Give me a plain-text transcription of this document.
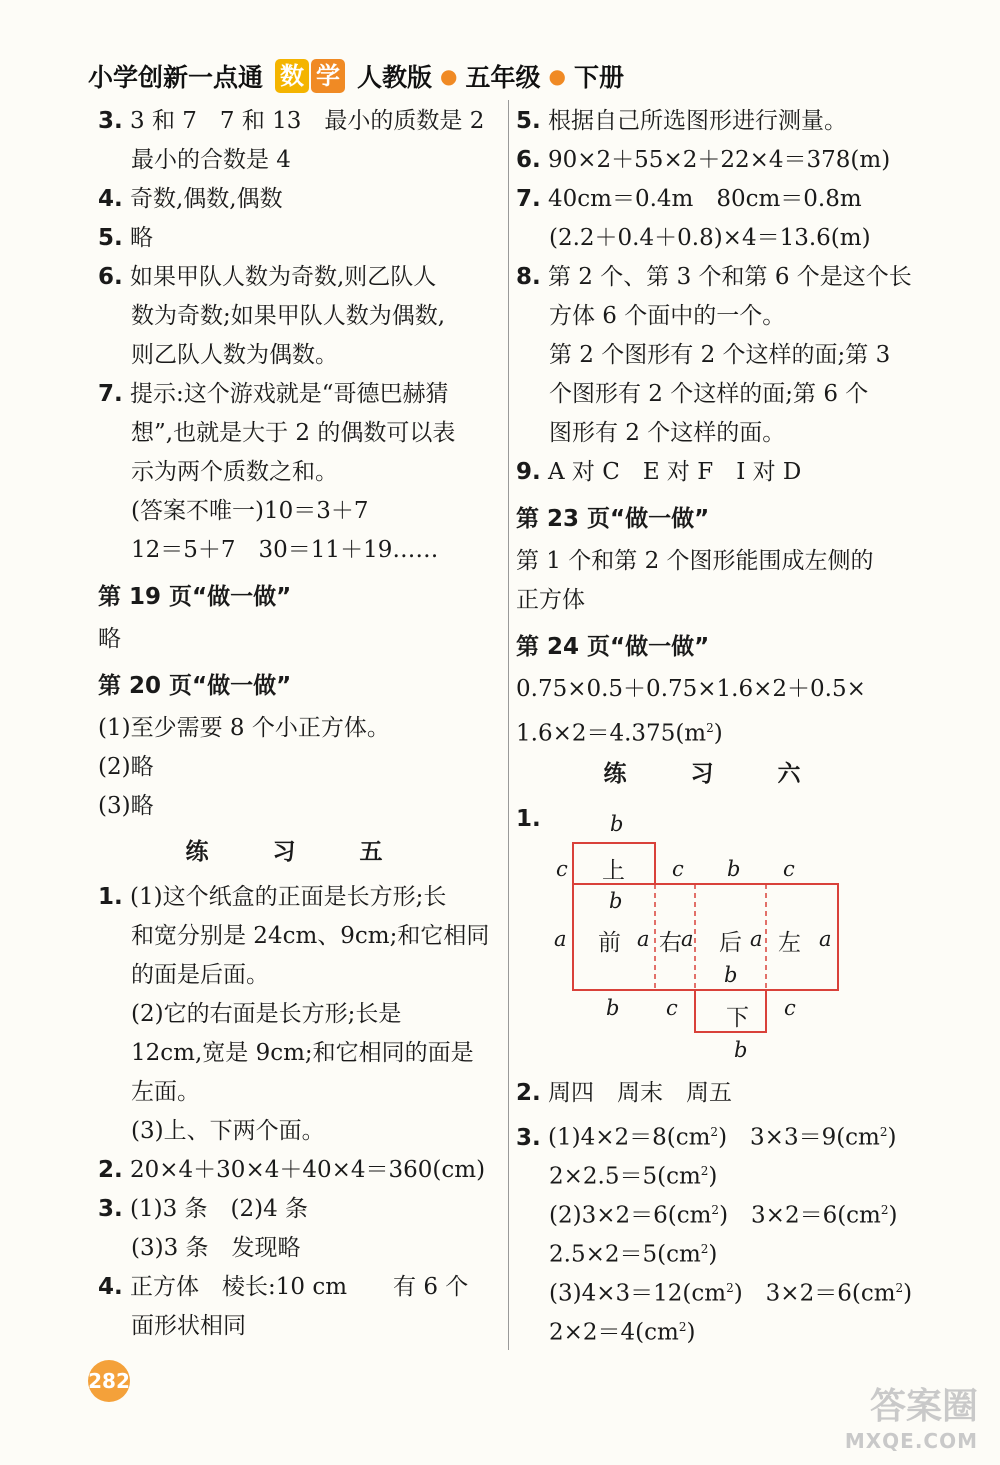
小学创新一点通 数 学 人教版 ● 五年级 ● 下册
3. 3 和 7　7 和 13　最小的质数是 2
最小的合数是 4
4. 奇数,偶数,偶数
5. 略
6. 如果甲队人数为奇数,则乙队人
数为奇数;如果甲队人数为偶数,
则乙队人数为偶数。
7. 提示:这个游戏就是“哥德巴赫猜
想”,也就是大于 2 的偶数可以表
示为两个质数之和。
(答案不唯一)10＝3＋7
12＝5＋7　30＝11＋19……
第 19 页“做一做”
略
第 20 页“做一做”
(1)至少需要 8 个小正方体。
(2)略
(3)略
练 习 五
1. (1)这个纸盒的正面是长方形;长
和宽分别是 24cm、9cm;和它相同
的面是后面。
(2)它的右面是长方形;长是
12cm,宽是 9cm;和它相同的面是
左面。
(3)上、下两个面。
2. 20×4＋30×4＋40×4＝360(cm)
3. (1)3 条　(2)4 条
(3)3 条　发现略
4. 正方体　棱长:10 cm　　有 6 个
面形状相同
5. 根据自己所选图形进行测量。
6. 90×2＋55×2＋22×4＝378(m)
7. 40cm＝0.4m　80cm＝0.8m
(2.2＋0.4＋0.8)×4＝13.6(m)
8. 第 2 个、第 3 个和第 6 个是这个长
方体 6 个面中的一个。
第 2 个图形有 2 个这样的面;第 3
个图形有 2 个这样的面;第 6 个
图形有 2 个这样的面。
9. A 对 C　E 对 F　I 对 D
第 23 页“做一做”
第 1 个和第 2 个图形能围成左侧的
正方体
第 24 页“做一做”
0.75×0.5＋0.75×1.6×2＋0.5×
$1.6\times 2=4.375(m^2)$
练 习 六
1.	b
c 上 c b c
b
a 前 a 右 a 后 a 左 a
b
b c 下 c
b
2. 周四　周末　周五
3. $(1)4\times 2=8(cm^2)$　$3\times 3=9(cm^2)$
$2\times 2.5=5(cm^2)$
$(2)3\times 2=6(cm^2)$　$3\times 2=6(cm^2)$
$2.5\times 2=5(cm^2)$
$(3)4\times 3=12(cm^2)$　$3\times 2=6(cm^2)$
$2\times 2=4(cm^2)$
282
答案圈
MXQE.COM
